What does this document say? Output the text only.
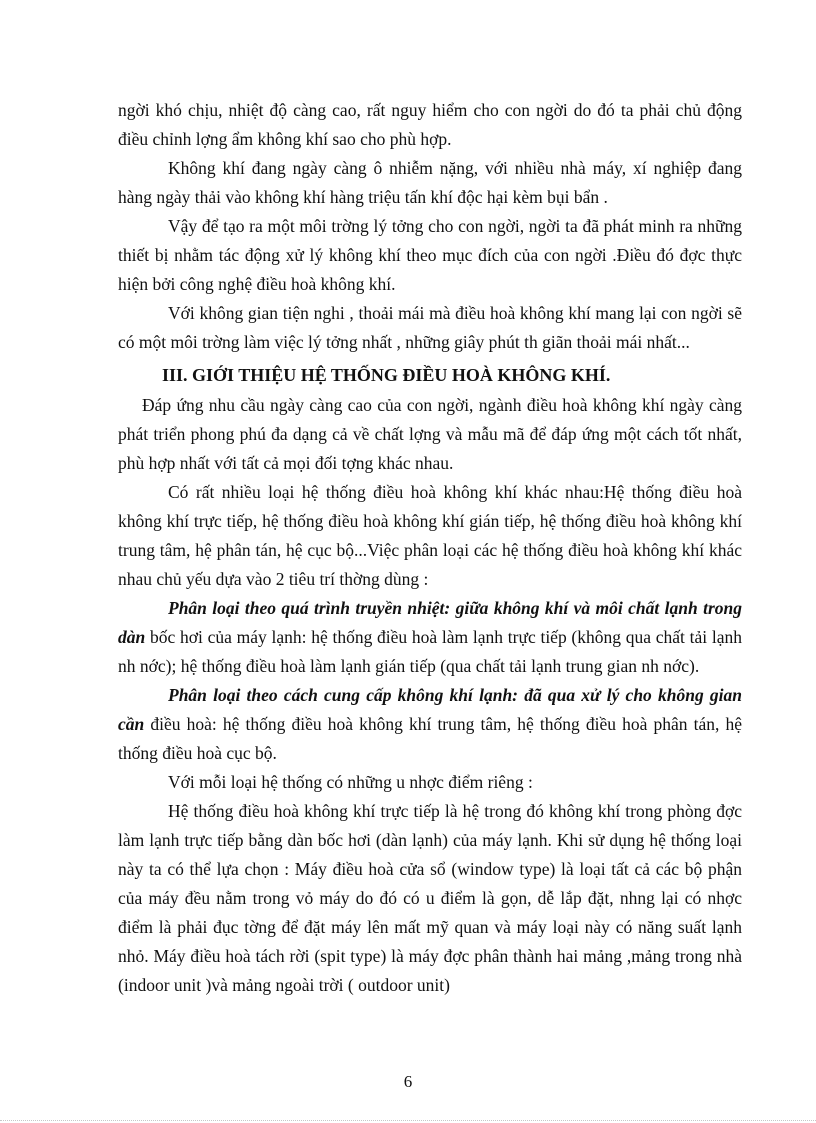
ngời khó chịu, nhiệt độ càng cao, rất nguy hiểm cho con ngời do đó ta phải chủ động điều chỉnh lợng ẩm không khí sao cho phù hợp.

Không khí đang ngày càng ô nhiễm nặng, với nhiều nhà máy, xí nghiệp đang hàng ngày thải vào không khí hàng triệu tấn khí độc hại kèm bụi bẩn .

Vậy để tạo ra một môi trờng lý tởng cho con ngời, ngời ta đã phát minh ra những thiết bị nhằm tác động xử lý không khí theo mục đích của con ngời .Điều đó đợc thực hiện bởi công nghệ điều hoà không khí.

Với không gian tiện nghi , thoải mái mà điều hoà không khí mang lại con ngời sẽ có một môi trờng làm việc lý tởng nhất , những giây phút th giãn thoải mái nhất...

III. GIỚI THIỆU HỆ THỐNG ĐIỀU HOÀ KHÔNG KHÍ.

Đáp ứng nhu cầu ngày càng cao của con ngời, ngành điều hoà không khí ngày càng phát triển phong phú đa dạng cả về chất lợng và mẫu mã để đáp ứng một cách tốt nhất, phù hợp nhất với tất cả mọi đối tợng khác nhau.

Có rất nhiều loại hệ thống điều hoà không khí khác nhau:Hệ thống điều hoà không khí trực tiếp, hệ thống điều hoà không khí gián tiếp, hệ thống điều hoà không khí trung tâm, hệ phân tán, hệ cục bộ...Việc phân loại các hệ thống điều hoà không khí khác nhau chủ yếu dựa vào 2 tiêu trí thờng dùng :

Phân loại theo quá trình truyền nhiệt: giữa không khí và môi chất lạnh trong dàn bốc hơi của máy lạnh: hệ thống điều hoà làm lạnh trực tiếp (không qua chất tải lạnh nh nớc); hệ thống điều hoà làm lạnh gián tiếp (qua chất tải lạnh trung gian nh nớc).

Phân loại theo cách cung cấp không khí lạnh: đã qua xử lý cho không gian cần điều hoà: hệ thống điều hoà không khí trung tâm, hệ thống điều hoà phân tán, hệ thống điều hoà cục bộ.

Với mỗi loại hệ thống có những u nhợc điểm riêng :

Hệ thống điều hoà không khí trực tiếp là hệ trong đó không khí trong phòng đợc làm lạnh trực tiếp bằng dàn bốc hơi (dàn lạnh) của máy lạnh. Khi sử dụng hệ thống loại này ta có thể lựa chọn : Máy điều hoà cửa sổ (window type) là loại tất cả các bộ phận của máy đều nằm trong vỏ máy do đó có u điểm là gọn, dễ lắp đặt, nhng lại có nhợc điểm là phải đục tờng để đặt máy lên mất mỹ quan và máy loại này có năng suất lạnh nhỏ. Máy điều hoà tách rời (spit type) là máy đợc phân thành hai mảng ,mảng trong nhà (indoor unit )và mảng ngoài trời ( outdoor unit)

6
